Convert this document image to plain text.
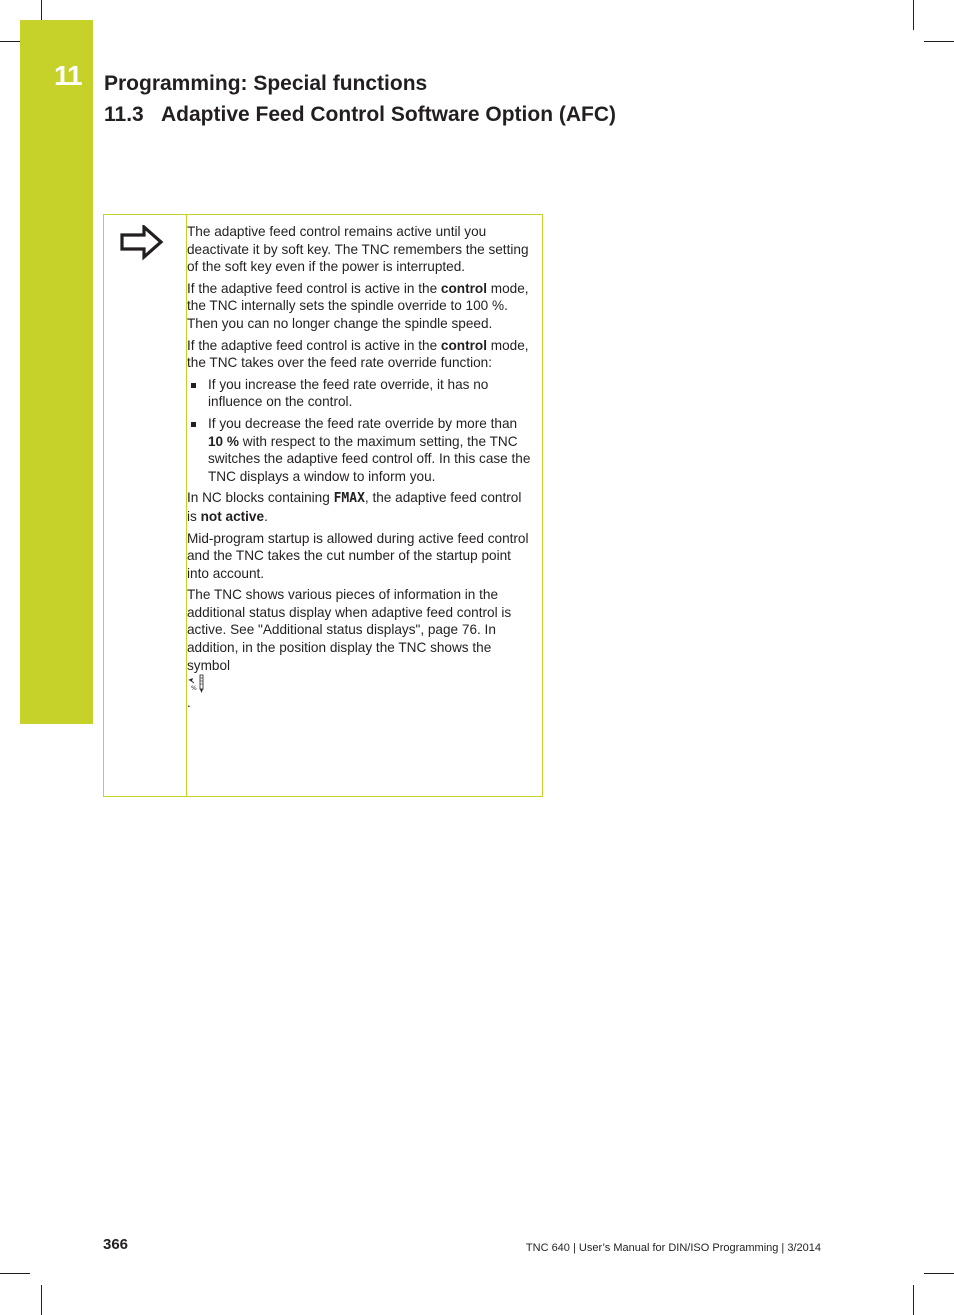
11 Programming: Special functions
11.3 Adaptive Feed Control Software Option (AFC)

The adaptive feed control remains active until you deactivate it by soft key. The TNC remembers the setting of the soft key even if the power is interrupted.

If the adaptive feed control is active in the control mode, the TNC internally sets the spindle override to 100 %. Then you can no longer change the spindle speed.

If the adaptive feed control is active in the control mode, the TNC takes over the feed rate override function:

If you increase the feed rate override, it has no influence on the control.
If you decrease the feed rate override by more than 10 % with respect to the maximum setting, the TNC switches the adaptive feed control off. In this case the TNC displays a window to inform you.

In NC blocks containing FMAX, the adaptive feed control is not active.

Mid-program startup is allowed during active feed control and the TNC takes the cut number of the startup point into account.

The TNC shows various pieces of information in the additional status display when adaptive feed control is active. See "Additional status displays", page 76. In addition, in the position display the TNC shows the symbol

%

.

366	TNC 640 | User’s Manual for DIN/ISO Programming | 3/2014
